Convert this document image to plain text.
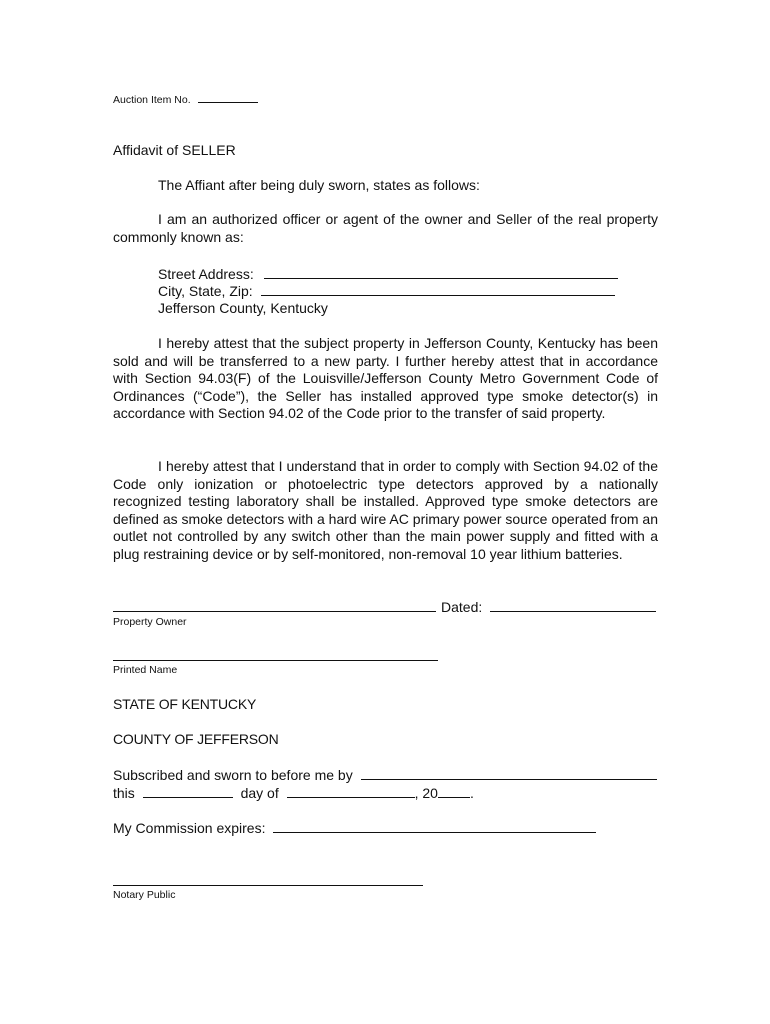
Auction Item No.
Affidavit of SELLER
The Affiant after being duly sworn, states as follows:
I am an authorized officer or agent of the owner and Seller of the real property commonly known as:
Street Address:
City, State, Zip:
Jefferson County, Kentucky
I hereby attest that the subject property in Jefferson County, Kentucky has been sold and will be transferred to a new party. I further hereby attest that in accordance with Section 94.03(F) of the Louisville/Jefferson County Metro Government Code of Ordinances (“Code”), the Seller has installed approved type smoke detector(s) in accordance with Section 94.02 of the Code prior to the transfer of said property.
I hereby attest that I understand that in order to comply with Section 94.02 of the Code only ionization or photoelectric type detectors approved by a nationally recognized testing laboratory shall be installed. Approved type smoke detectors are defined as smoke detectors with a hard wire AC primary power source operated from an outlet not controlled by any switch other than the main power supply and fitted with a plug restraining device or by self-monitored, non-removal 10 year lithium batteries.
Dated:
Property Owner
Printed Name
STATE OF KENTUCKY
COUNTY OF JEFFERSON
Subscribed and sworn to before me by
this	day of	, 20 .
My Commission expires:
Notary Public
